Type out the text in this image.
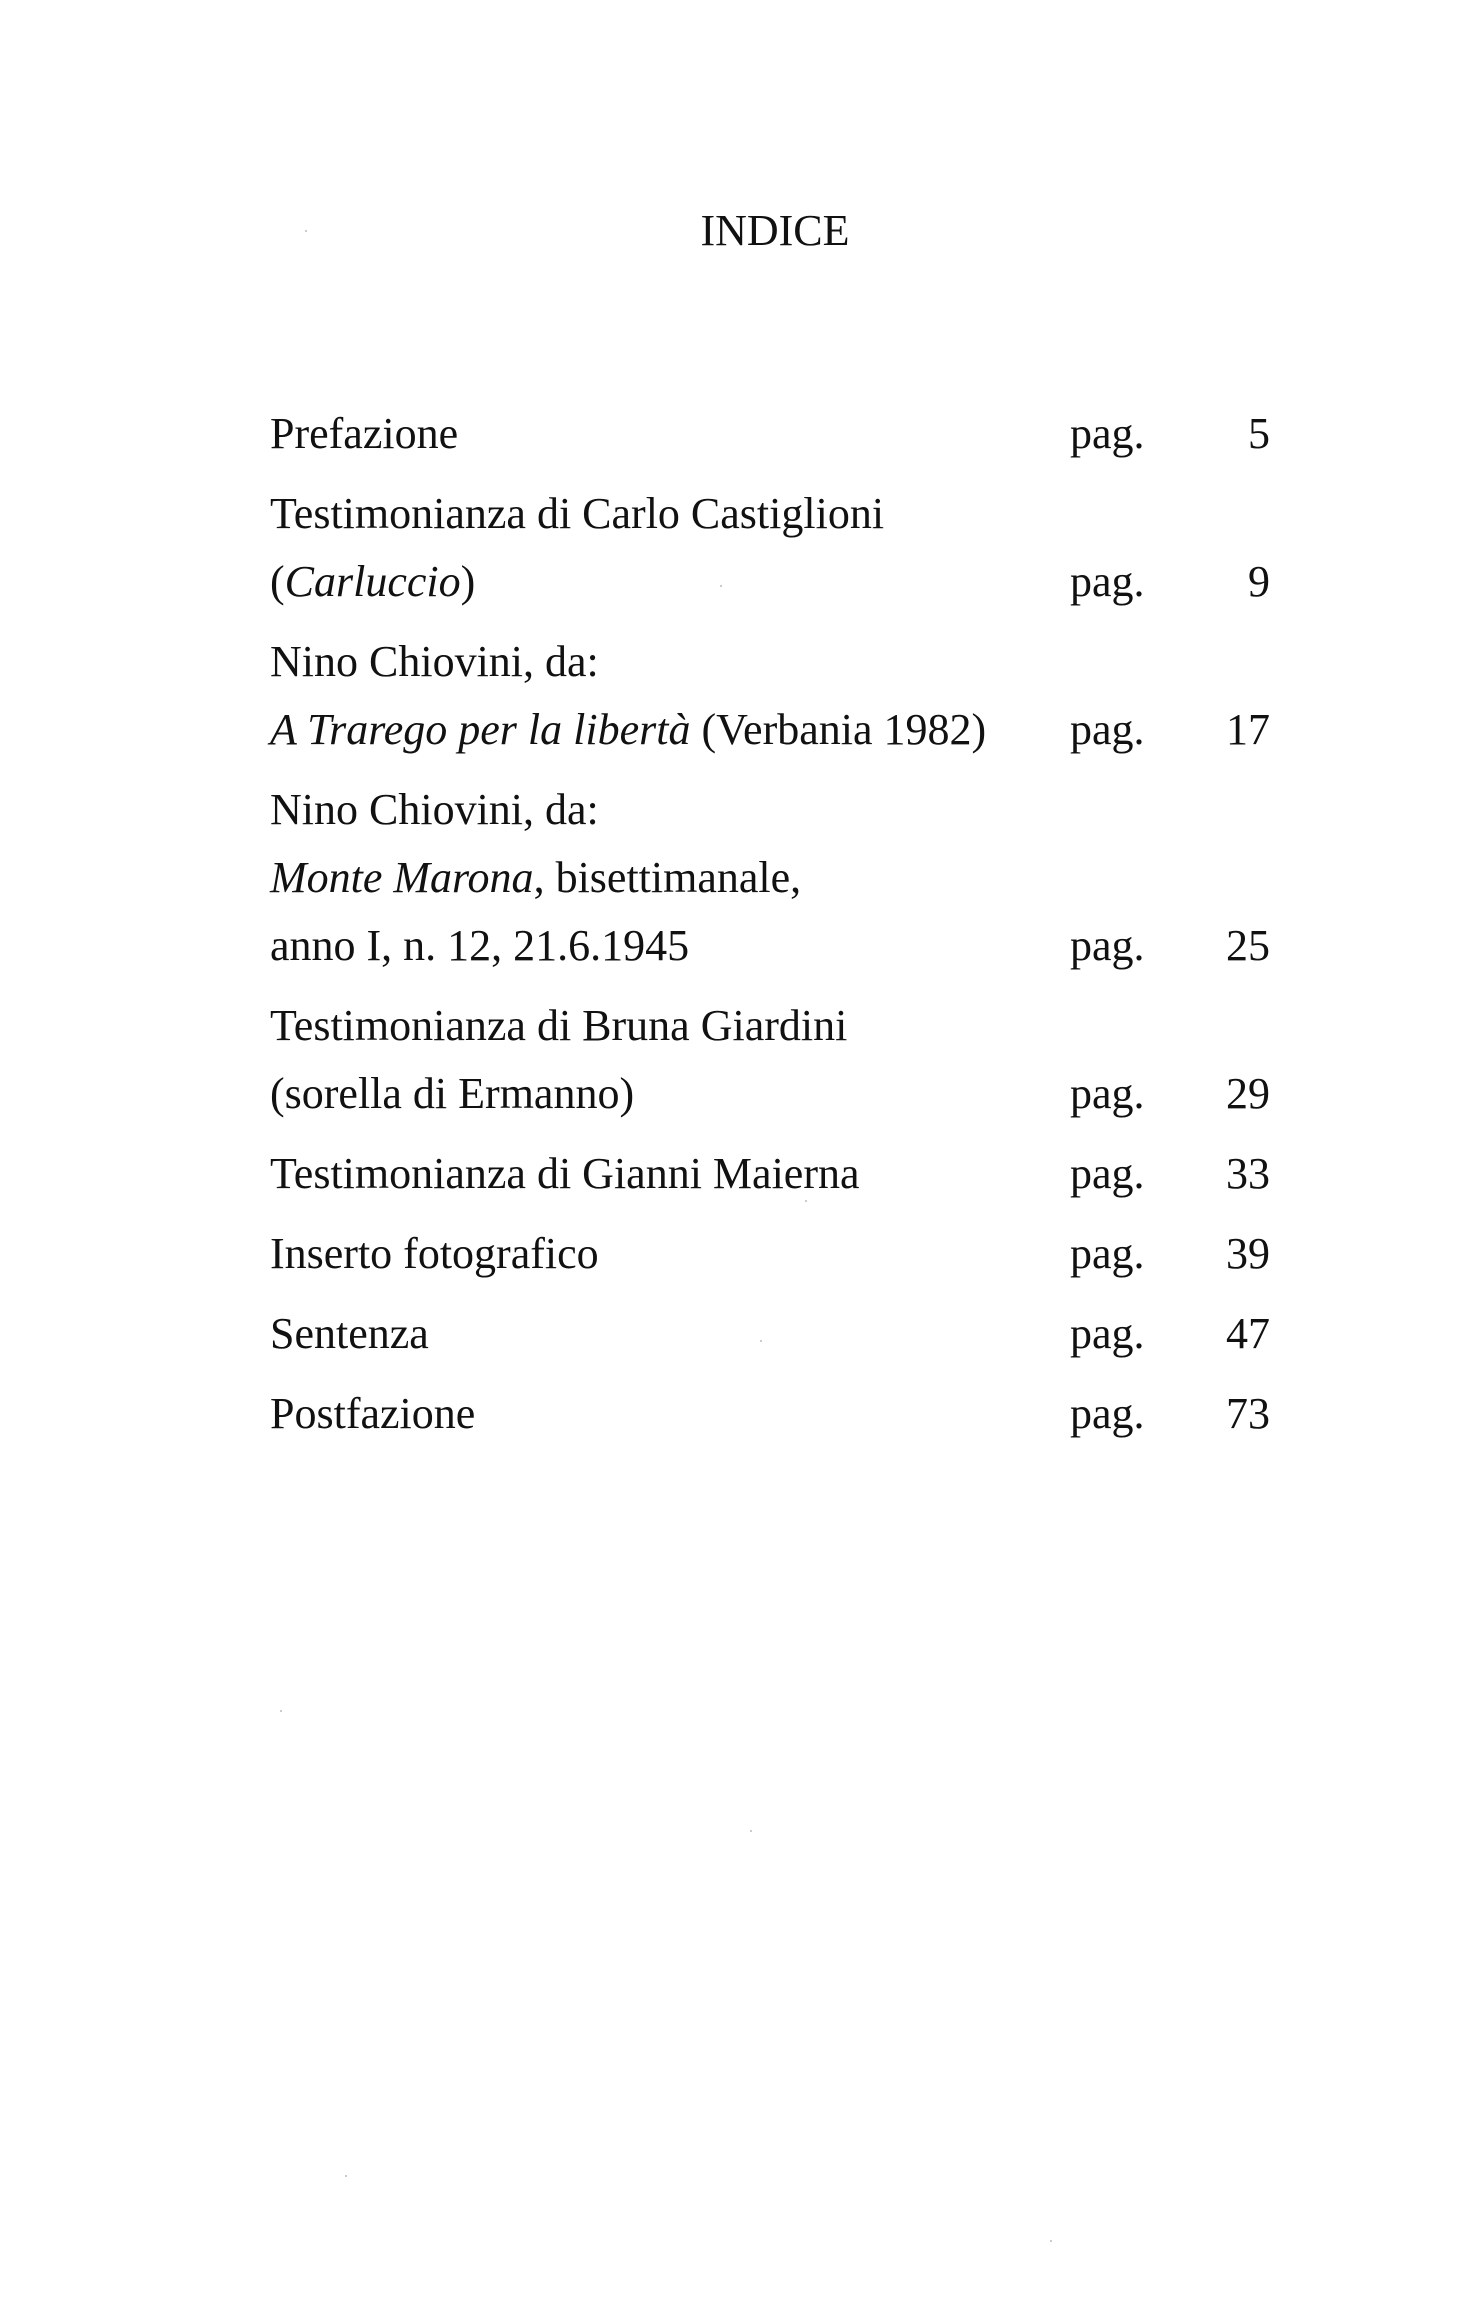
INDICE
Prefazione	pag. 5
Testimonianza di Carlo Castiglioni
(Carluccio)	pag. 9
Nino Chiovini, da:
A Trarego per la libertà (Verbania 1982)	pag. 17
Nino Chiovini, da:
Monte Marona, bisettimanale,
anno I, n. 12, 21.6.1945	pag. 25
Testimonianza di Bruna Giardini
(sorella di Ermanno)	pag. 29
Testimonianza di Gianni Maierna	pag. 33
Inserto fotografico	pag. 39
Sentenza	pag. 47
Postfazione	pag. 73
